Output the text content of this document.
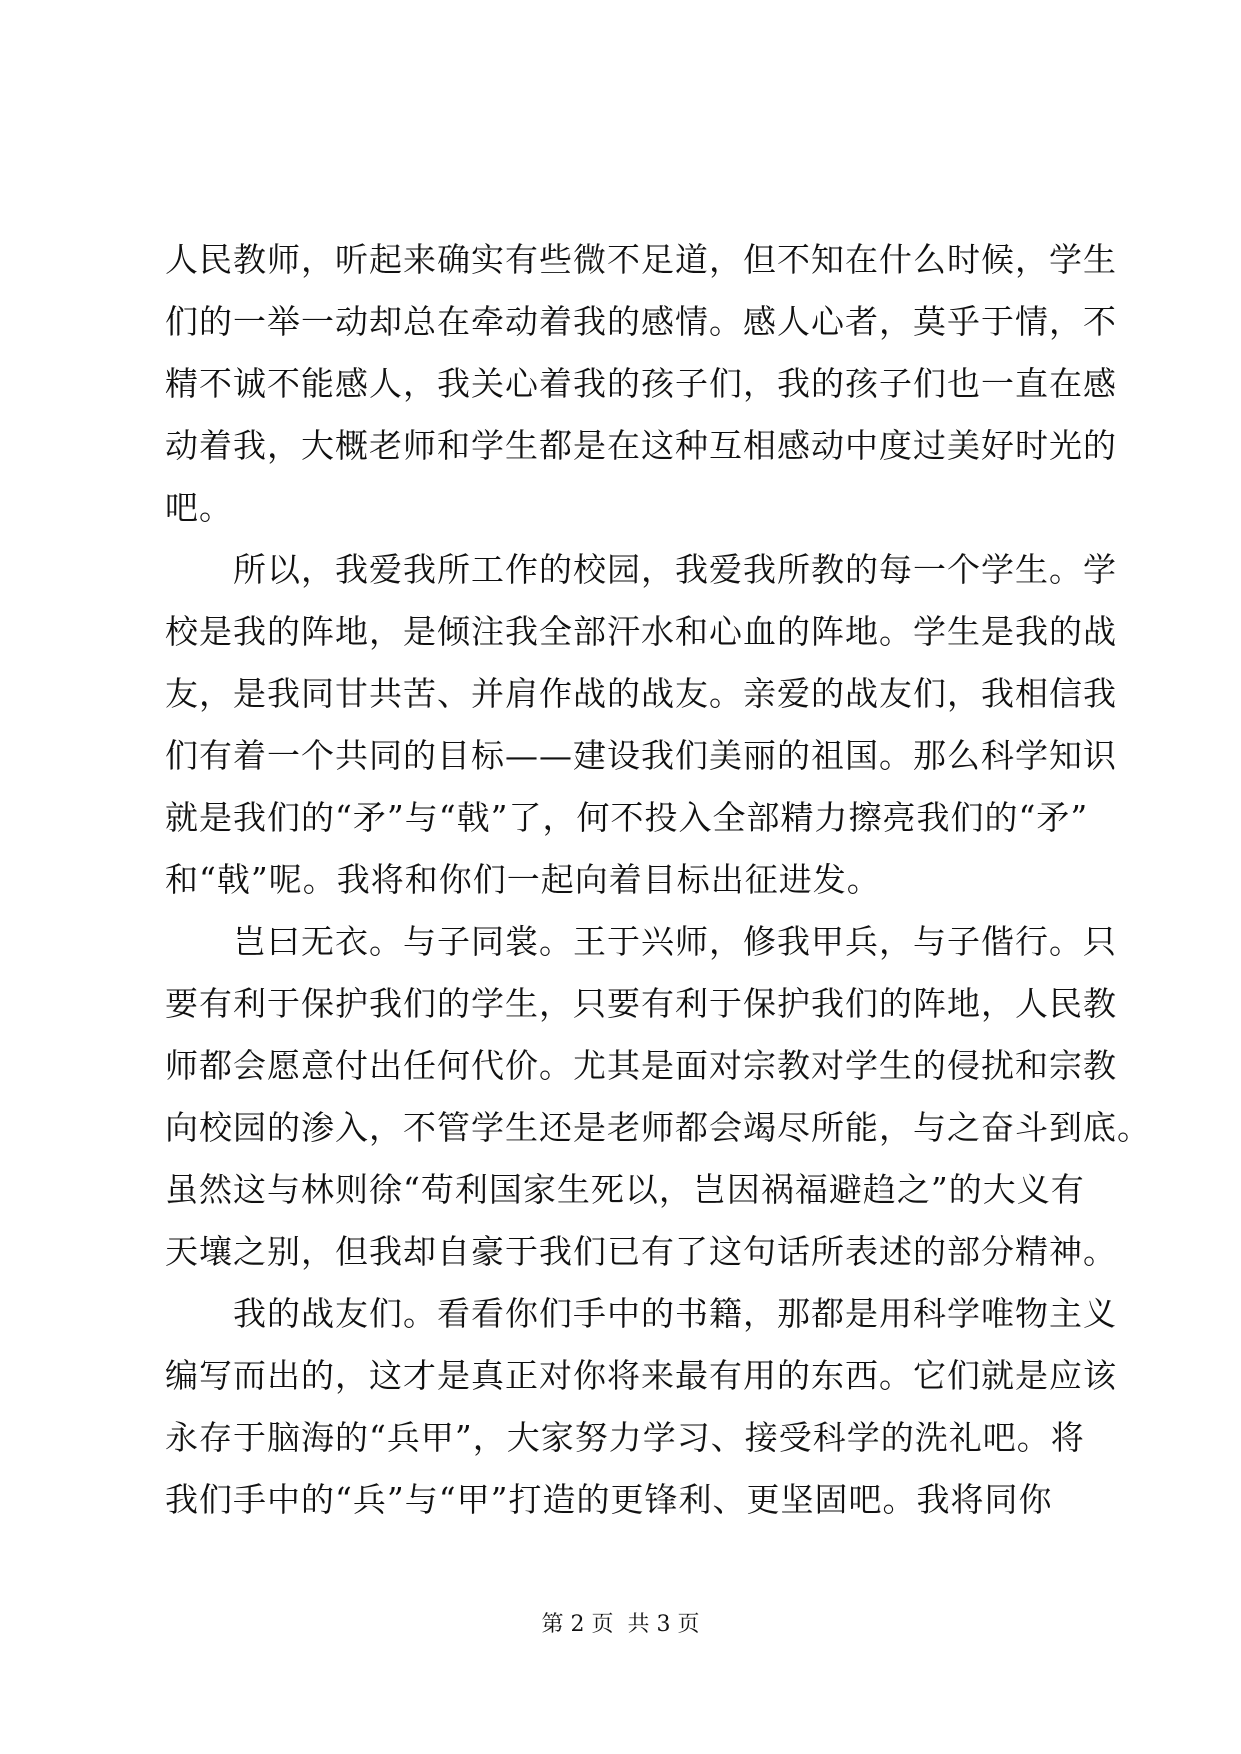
人民教师，听起来确实有些微不足道，但不知在什么时候，学生
们的一举一动却总在牵动着我的感情。感人心者，莫乎于情，不
精不诚不能感人，我关心着我的孩子们，我的孩子们也一直在感
动着我，大概老师和学生都是在这种互相感动中度过美好时光的
吧。
　　所以，我爱我所工作的校园，我爱我所教的每一个学生。学
校是我的阵地，是倾注我全部汗水和心血的阵地。学生是我的战
友，是我同甘共苦、并肩作战的战友。亲爱的战友们，我相信我
们有着一个共同的目标——建设我们美丽的祖国。那么科学知识
就是我们的“矛”与“戟”了，何不投入全部精力擦亮我们的“矛”
和“戟”呢。我将和你们一起向着目标出征进发。
　　岂曰无衣。与子同裳。王于兴师，修我甲兵，与子偕行。只
要有利于保护我们的学生，只要有利于保护我们的阵地，人民教
师都会愿意付出任何代价。尤其是面对宗教对学生的侵扰和宗教
向校园的渗入，不管学生还是老师都会竭尽所能，与之奋斗到底。
虽然这与林则徐“苟利国家生死以，岂因祸福避趋之”的大义有
天壤之别，但我却自豪于我们已有了这句话所表述的部分精神。
　　我的战友们。看看你们手中的书籍，那都是用科学唯物主义
编写而出的，这才是真正对你将来最有用的东西。它们就是应该
永存于脑海的“兵甲”，大家努力学习、接受科学的洗礼吧。将
我们手中的“兵”与“甲”打造的更锋利、更坚固吧。我将同你
第 2 页  共 3 页
